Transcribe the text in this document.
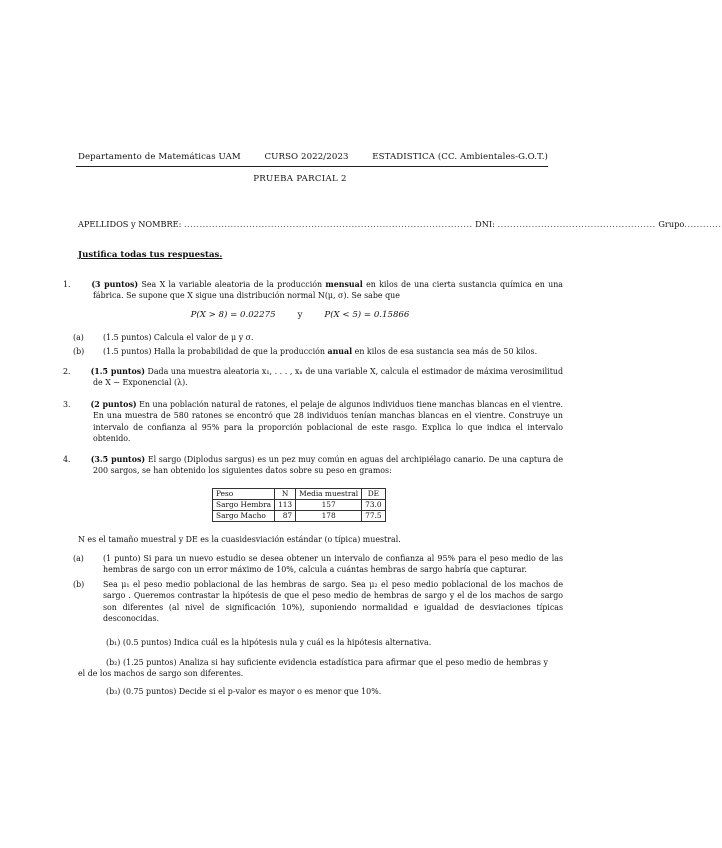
Departamento de Matemáticas UAM	CURSO 2022/2023	ESTADISTICA (CC. Ambientales-G.O.T.)
PRUEBA PARCIAL 2
APELLIDOS y NOMBRE: ............................................................................................. DNI: ................................................... Grupo............
Justifica todas tus respuestas.
1.	(3 puntos) Sea X la variable aleatoria de la producción mensual en kilos de una cierta sustancia química en una fábrica. Se supone que X sigue una distribución normal N(μ, σ). Se sabe que
P(X > 8) = 0.02275	y	P(X < 5) = 0.15866
(a) (1.5 puntos) Calcula el valor de μ y σ.
(b) (1.5 puntos) Halla la probabilidad de que la producción anual en kilos de esa sustancia sea más de 50 kilos.
2.	(1.5 puntos) Dada una muestra aleatoria x₁, . . . , xₙ de una variable X, calcula el estimador de máxima verosimilitud de X ∼ Exponencial (λ).
3.	(2 puntos) En una población natural de ratones, el pelaje de algunos individuos tiene manchas blancas en el vientre. En una muestra de 580 ratones se encontró que 28 individuos tenían manchas blancas en el vientre. Construye un intervalo de confianza al 95% para la proporción poblacional de este rasgo. Explica lo que indica el intervalo obtenido.
4.	(3.5 puntos) El sargo (Diplodus sargus) es un pez muy común en aguas del archipiélago canario. De una captura de 200 sargos, se han obtenido los siguientes datos sobre su peso en gramos:
Peso	N	Media muestral	DE
Sargo Hembra	113	157	73.0
Sargo Macho	87	178	77.5
N es el tamaño muestral y DE es la cuasidesviación estándar (o típica) muestral.
(a) (1 punto) Si para un nuevo estudio se desea obtener un intervalo de confianza al 95% para el peso medio de las hembras de sargo con un error máximo de 10%, calcula a cuántas hembras de sargo habría que capturar.
(b) Sea μ₁ el peso medio poblacional de las hembras de sargo. Sea μ₂ el peso medio poblacional de los machos de sargo . Queremos contrastar la hipótesis de que el peso medio de hembras de sargo y el de los machos de sargo son diferentes (al nivel de significación 10%), suponiendo normalidad e igualdad de desviaciones típicas desconocidas.
(b₁) (0.5 puntos) Indica cuál es la hipótesis nula y cuál es la hipótesis alternativa.
(b₂) (1.25 puntos) Analiza si hay suficiente evidencia estadística para afirmar que el peso medio de hembras y el de los machos de sargo son diferentes.
(b₃) (0.75 puntos) Decide si el p-valor es mayor o es menor que 10%.
